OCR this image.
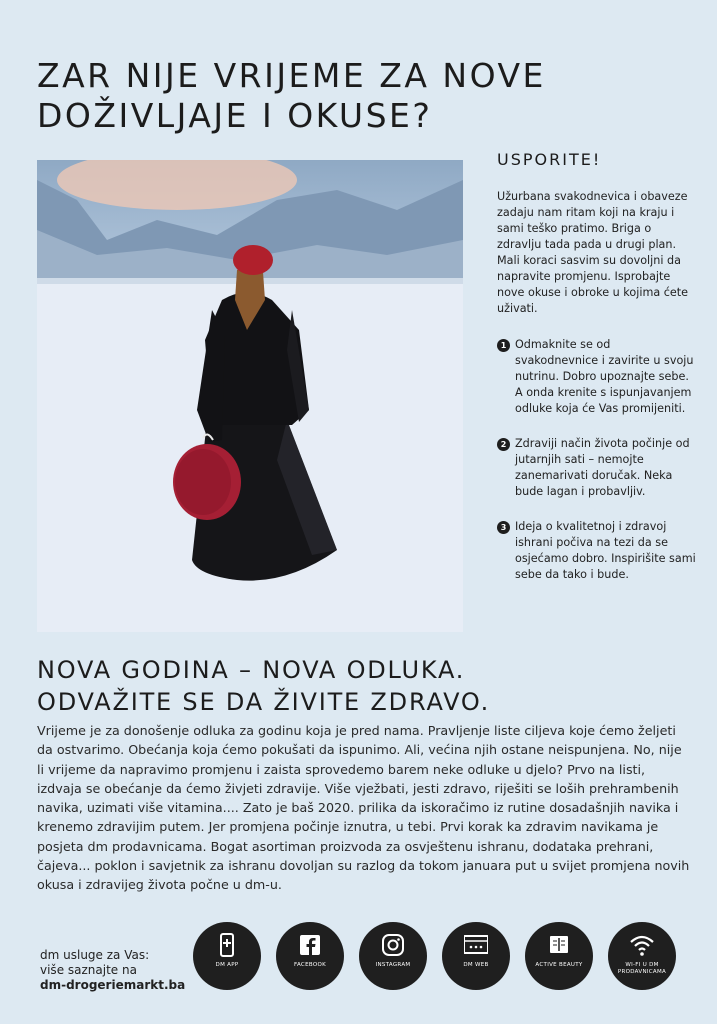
ZAR NIJE VRIJEME ZA NOVE
DOŽIVLJAJE I OKUSE?
USPORITE!

Užurbana svakodnevica i obaveze zadaju nam ritam koji na kraju i sami teško pratimo. Briga o zdravlju tada pada u drugi plan. Mali koraci sasvim su dovoljni da napravite promjenu. Isprobajte nove okuse i obroke u kojima ćete uživati.

1 Odmaknite se od svakodnevnice i zavirite u svoju nutrinu. Dobro upoznajte sebe. A onda krenite s ispunjavanjem odluke koja će Vas promijeniti.

2 Zdraviji način života počinje od jutarnjih sati – nemojte zanemarivati doručak. Neka bude lagan i probavljiv.

3 Ideja o kvalitetnoj i zdravoj ishrani počiva na tezi da se osjećamo dobro. Inspirišite sami sebe da tako i bude.

NOVA GODINA – NOVA ODLUKA.
ODVAŽITE SE DA ŽIVITE ZDRAVO.

Vrijeme je za donošenje odluka za godinu koja je pred nama. Pravljenje liste ciljeva koje ćemo željeti da ostvarimo. Obećanja koja ćemo pokušati da ispunimo. Ali, većina njih ostane neispunjena. No, nije li vrijeme da napravimo promjenu i zaista sprovedemo barem neke odluke u djelo? Prvo na listi, izdvaja se obećanje da ćemo živjeti zdravije. Više vježbati, jesti zdravo, riješiti se loših prehrambenih navika, uzimati više vitamina.... Zato je baš 2020. prilika da iskoračimo iz rutine dosadašnjih navika i krenemo zdravijim putem. Jer promjena počinje iznutra, u tebi. Prvi korak ka zdravim navikama je posjeta dm prodavnicama. Bogat asortiman proizvoda za osvještenu ishranu, dodataka prehrani, čajeva... poklon i savjetnik za ishranu dovoljan su razlog da tokom januara put u svijet promjena novih okusa i zdravijeg života počne u dm-u.

dm usluge za Vas:
više saznajte na
dm-drogeriemarkt.ba
DM APP	FACEBOOK	INSTAGRAM	DM WEB	ACTIVE BEAUTY	WI-FI U DM PRODAVNICAMA
